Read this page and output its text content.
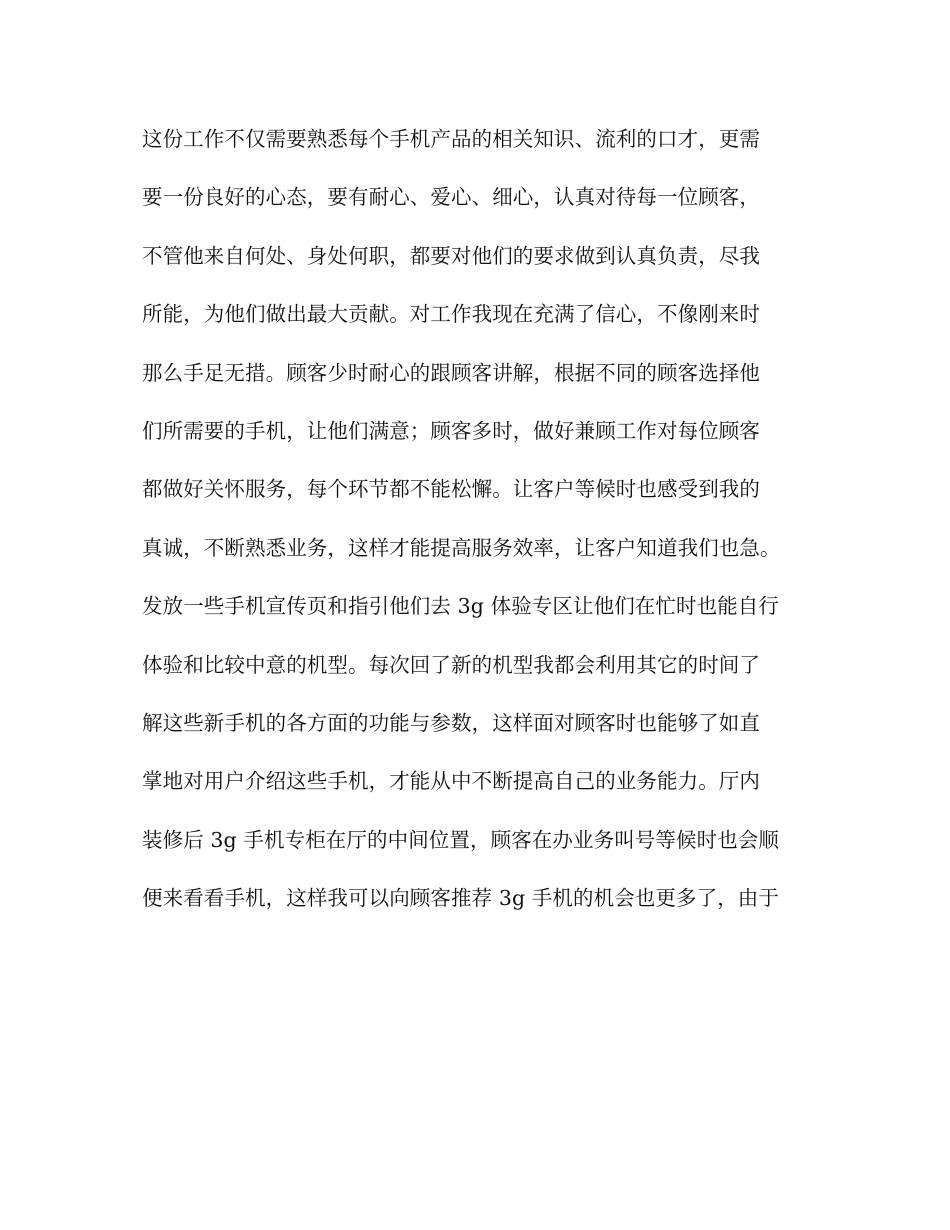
这份工作不仅需要熟悉每个手机产品的相关知识、流利的口才，更需
要一份良好的心态，要有耐心、爱心、细心，认真对待每一位顾客，
不管他来自何处、身处何职，都要对他们的要求做到认真负责，尽我
所能，为他们做出最大贡献。对工作我现在充满了信心，不像刚来时
那么手足无措。顾客少时耐心的跟顾客讲解，根据不同的顾客选择他
们所需要的手机，让他们满意；顾客多时，做好兼顾工作对每位顾客
都做好关怀服务，每个环节都不能松懈。让客户等候时也感受到我的
真诚，不断熟悉业务，这样才能提高服务效率，让客户知道我们也急。
发放一些手机宣传页和指引他们去 3g 体验专区让他们在忙时也能自行
体验和比较中意的机型。每次回了新的机型我都会利用其它的时间了
解这些新手机的各方面的功能与参数，这样面对顾客时也能够了如直
掌地对用户介绍这些手机，才能从中不断提高自己的业务能力。厅内
装修后 3g 手机专柜在厅的中间位置，顾客在办业务叫号等候时也会顺
便来看看手机，这样我可以向顾客推荐 3g 手机的机会也更多了，由于
